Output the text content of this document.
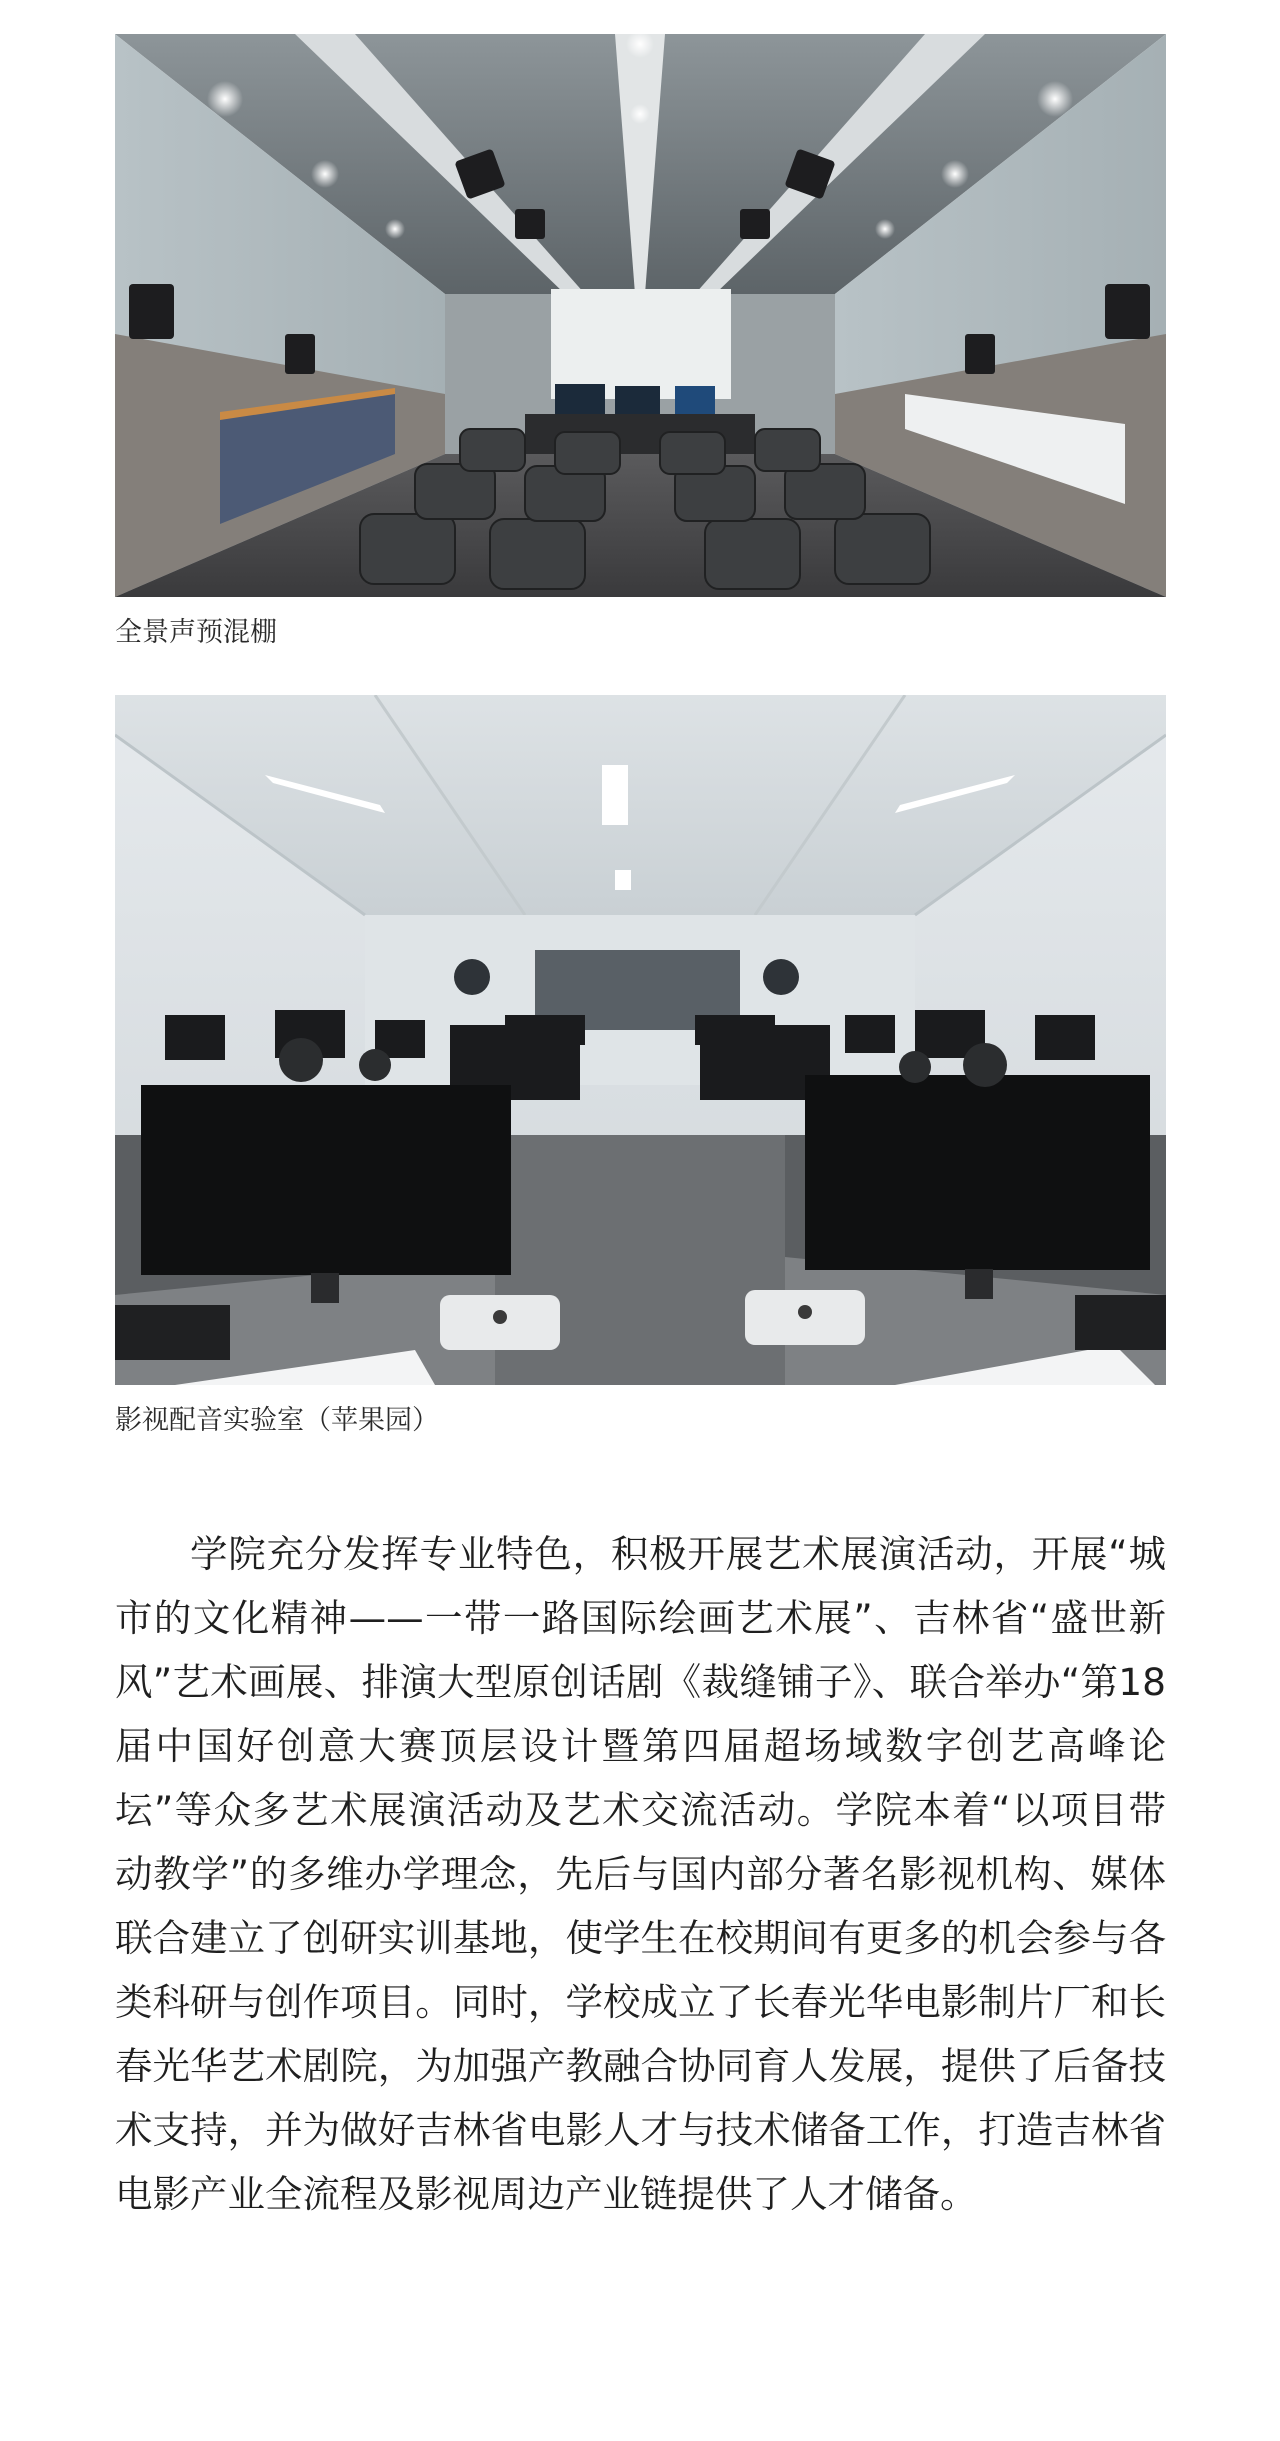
全景声预混棚
影视配音实验室（苹果园）

学院充分发挥专业特色，积极开展艺术展演活动，开展“城市的文化精神——一带一路国际绘画艺术展”、吉林省“盛世新风”艺术画展、排演大型原创话剧《裁缝铺子》、联合举办“第18届中国好创意大赛顶层设计暨第四届超场域数字创艺高峰论坛”等众多艺术展演活动及艺术交流活动。学院本着“以项目带动教学”的多维办学理念，先后与国内部分著名影视机构、媒体联合建立了创研实训基地，使学生在校期间有更多的机会参与各类科研与创作项目。同时，学校成立了长春光华电影制片厂和长春光华艺术剧院，为加强产教融合协同育人发展，提供了后备技术支持，并为做好吉林省电影人才与技术储备工作，打造吉林省电影产业全流程及影视周边产业链提供了人才储备。
